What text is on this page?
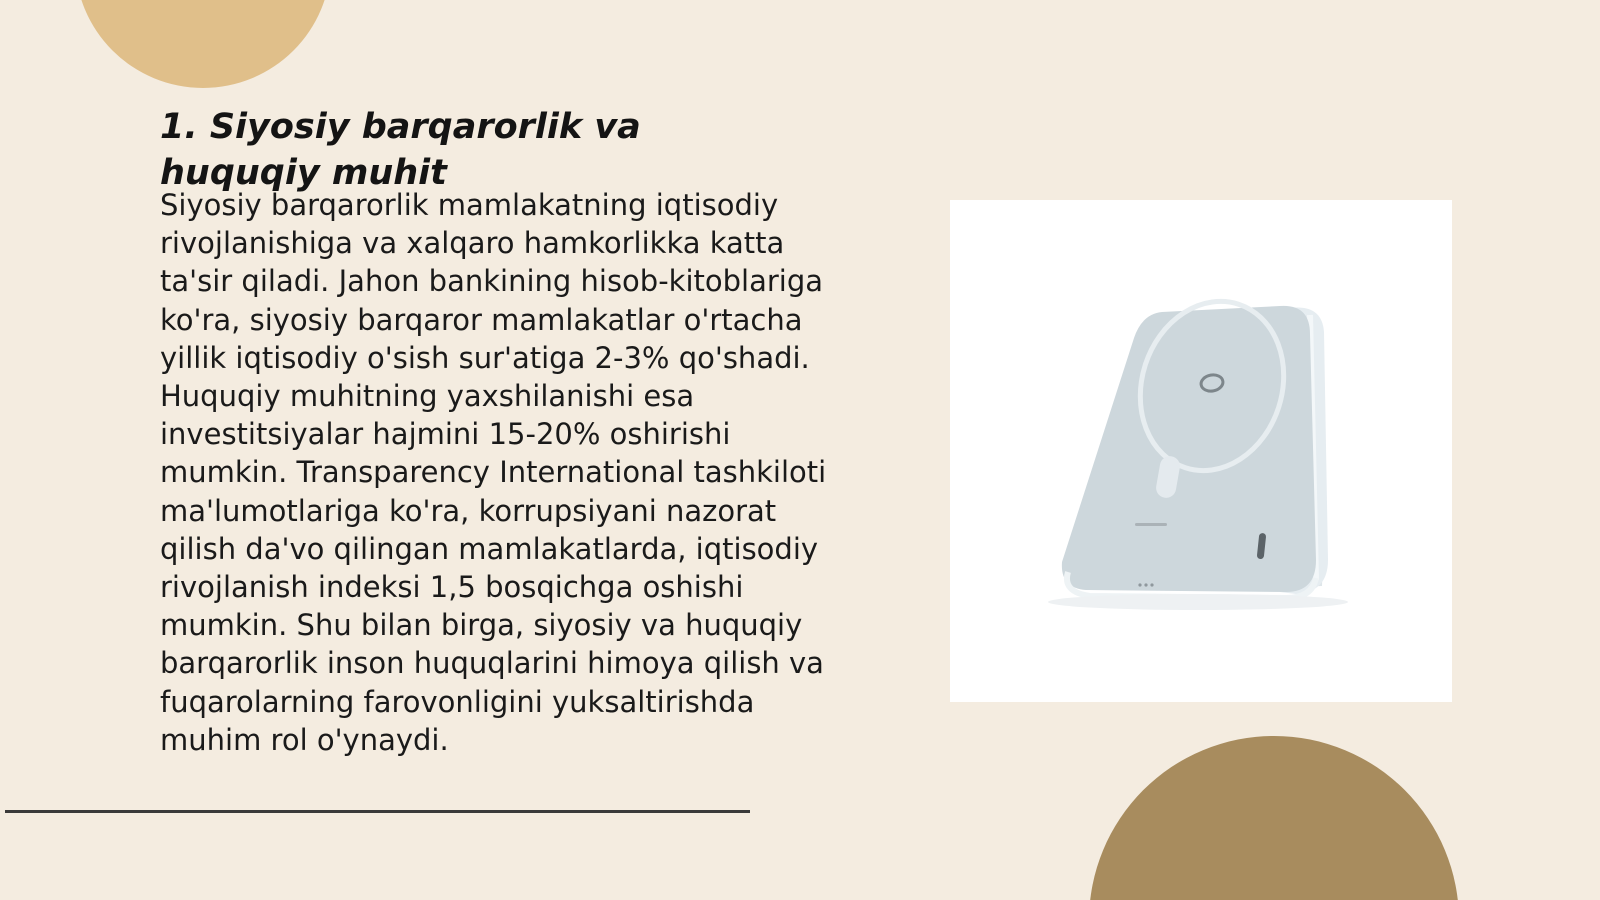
1. Siyosiy barqarorlik va huquqiy muhit

Siyosiy barqarorlik mamlakatning iqtisodiy rivojlanishiga va xalqaro hamkorlikka katta ta'sir qiladi. Jahon bankining hisob-kitoblariga ko'ra, siyosiy barqaror mamlakatlar o'rtacha yillik iqtisodiy o'sish sur'atiga 2-3% qo'shadi. Huquqiy muhitning yaxshilanishi esa investitsiyalar hajmini 15-20% oshirishi mumkin. Transparency International tashkiloti ma'lumotlariga ko'ra, korrupsiyani nazorat qilish da'vo qilingan mamlakatlarda, iqtisodiy rivojlanish indeksi 1,5 bosqichga oshishi mumkin. Shu bilan birga, siyosiy va huquqiy barqarorlik inson huquqlarini himoya qilish va fuqarolarning farovonligini yuksaltirishda muhim rol o'ynaydi.
